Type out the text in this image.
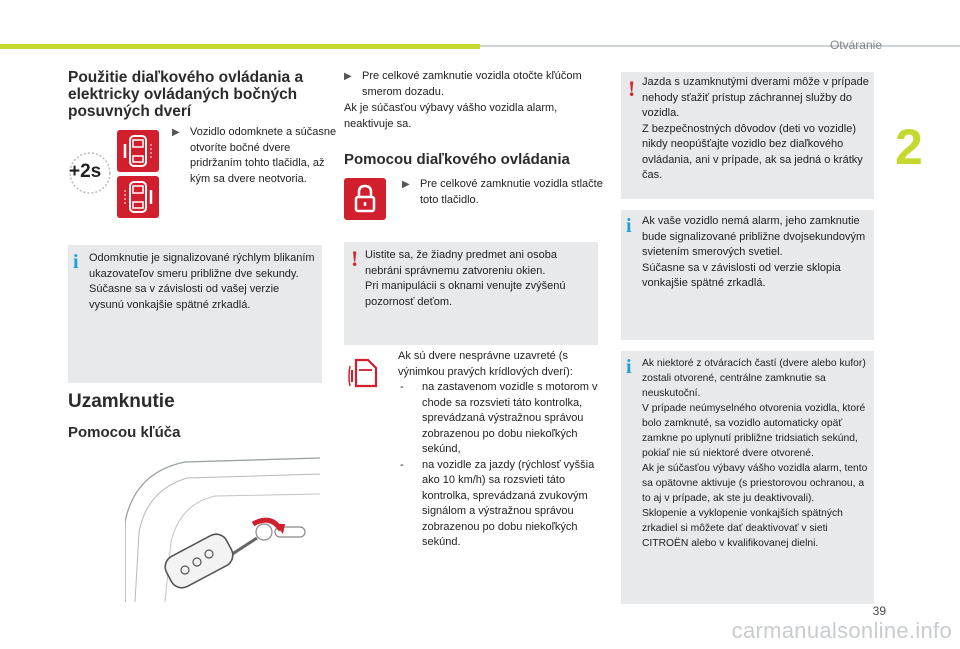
Otváranie
2
Použitie diaľkového ovládania a elektricky ovládaných bočných posuvných dverí
+2s
▶ Vozidlo odomknete a súčasne otvoríte bočné dvere pridržaním tohto tlačidla, až kým sa dvere neotvoria.
i Odomknutie je signalizované rýchlym blikaním ukazovateľov smeru približne dve sekundy.
Súčasne sa v závislosti od vašej verzie vysunú vonkajšie spätné zrkadlá.
Uzamknutie
Pomocou kľúča
▶ Pre celkové zamknutie vozidla otočte kľúčom smerom dozadu.
Ak je súčasťou výbavy vášho vozidla alarm, neaktivuje sa.
Pomocou diaľkového ovládania
▶ Pre celkové zamknutie vozidla stlačte toto tlačidlo.
! Uistite sa, že žiadny predmet ani osoba nebráni správnemu zatvoreniu okien.
Pri manipulácii s oknami venujte zvýšenú pozornosť deťom.
Ak sú dvere nesprávne uzavreté (s výnimkou pravých krídlových dverí):
- na zastavenom vozidle s motorom v chode sa rozsvieti táto kontrolka, sprevádzaná výstražnou správou zobrazenou po dobu niekoľkých sekúnd,
- na vozidle za jazdy (rýchlosť vyššia ako 10 km/h) sa rozsvieti táto kontrolka, sprevádzaná zvukovým signálom a výstražnou správou zobrazenou po dobu niekoľkých sekúnd.
! Jazda s uzamknutými dverami môže v prípade nehody sťažiť prístup záchrannej služby do vozidla.
Z bezpečnostných dôvodov (deti vo vozidle) nikdy neopúšťajte vozidlo bez diaľkového ovládania, ani v prípade, ak sa jedná o krátky čas.
i Ak vaše vozidlo nemá alarm, jeho zamknutie bude signalizované približne dvojsekundovým svietením smerových svetiel.
Súčasne sa v závislosti od verzie sklopia vonkajšie spätné zrkadlá.
i Ak niektoré z otváracích častí (dvere alebo kufor) zostali otvorené, centrálne zamknutie sa neuskutoční.
V prípade neúmyselného otvorenia vozidla, ktoré bolo zamknuté, sa vozidlo automaticky opäť zamkne po uplynutí približne tridsiatich sekúnd, pokiaľ nie sú niektoré dvere otvorené.
Ak je súčasťou výbavy vášho vozidla alarm, tento sa opätovne aktivuje (s priestorovou ochranou, a to aj v prípade, ak ste ju deaktivovali).
Sklopenie a vyklopenie vonkajších spätných zrkadiel si môžete dať deaktivovať v sieti CITROËN alebo v kvalifikovanej dielni.
39
carmanualsonline.info
